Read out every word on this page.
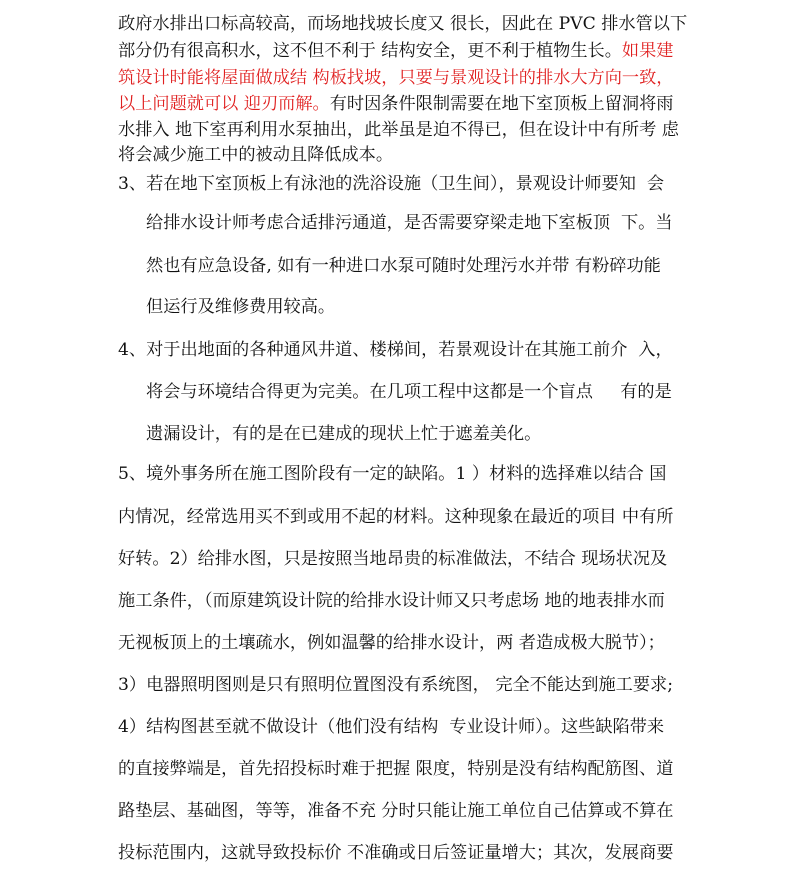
政府水排出口标高较高，而场地找坡长度又 很长，因此在 PVC 排水管以下
部分仍有很高积水，这不但不利于 结构安全，更不利于植物生长。如果建
筑设计时能将屋面做成结 构板找坡，只要与景观设计的排水大方向一致，
以上问题就可以 迎刃而解。有时因条件限制需要在地下室顶板上留洞将雨
水排入 地下室再利用水泵抽出，此举虽是迫不得已，但在设计中有所考 虑
将会减少施工中的被动且降低成本。
3、若在地下室顶板上有泳池的洗浴设施（卫生间），景观设计师要知  会
给排水设计师考虑合适排污通道，是否需要穿梁走地下室板顶  下。当
然也有应急设备, 如有一种进口水泵可随时处理污水并带 有粉碎功能
但运行及维修费用较高。
4、对于出地面的各种通风井道、楼梯间，若景观设计在其施工前介  入，
将会与环境结合得更为完美。在几项工程中这都是一个盲点     有的是
遗漏设计，有的是在已建成的现状上忙于遮羞美化。
5、境外事务所在施工图阶段有一定的缺陷。1 ）材料的选择难以结合 国
内情况，经常选用买不到或用不起的材料。这种现象在最近的项目 中有所
好转。2）给排水图，只是按照当地昂贵的标准做法，不结合 现场状况及
施工条件，（而原建筑设计院的给排水设计师又只考虑场 地的地表排水而
无视板顶上的土壤疏水，例如温馨的给排水设计，两 者造成极大脱节）；
3）电器照明图则是只有照明位置图没有系统图， 完全不能达到施工要求;
4）结构图甚至就不做设计（他们没有结构  专业设计师）。这些缺陷带来
的直接弊端是，首先招投标时难于把握 限度，特别是没有结构配筋图、道
路垫层、基础图，等等，准备不充 分时只能让施工单位自己估算或不算在
投标范围内，这就导致投标价 不准确或日后签证量增大；其次，发展商要
